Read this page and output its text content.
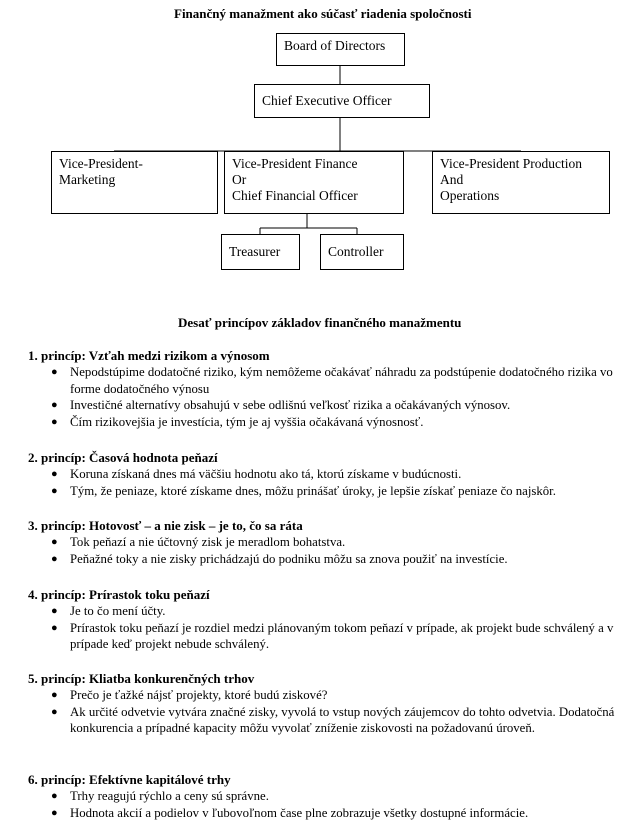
Finančný manažment ako súčasť riadenia spoločnosti
Board of Directors
Chief Executive Officer
Vice-President-
Marketing
Vice-President Finance
Or
Chief Financial Officer
Vice-President Production
And
Operations
Treasurer	Controller
Desať princípov základov finančného manažmentu
1. princíp: Vzťah medzi rizikom a výnosom
● Nepodstúpime dodatočné riziko, kým nemôžeme očakávať náhradu za podstúpenie dodatočného rizika vo forme dodatočného výnosu
● Investičné alternatívy obsahujú v sebe odlišnú veľkosť rizika a očakávaných výnosov.
● Čím rizikovejšia je investícia, tým je aj vyššia očakávaná výnosnosť.
2. princíp: Časová hodnota peňazí
● Koruna získaná dnes má väčšiu hodnotu ako tá, ktorú získame v budúcnosti.
● Tým, že peniaze, ktoré získame dnes, môžu prinášať úroky, je lepšie získať peniaze čo najskôr.
3. princíp: Hotovosť – a nie zisk – je to, čo sa ráta
● Tok peňazí a nie účtovný zisk je meradlom bohatstva.
● Peňažné toky a nie zisky prichádzajú do podniku môžu sa znova použiť na investície.
4. princíp: Prírastok toku peňazí
● Je to čo mení účty.
● Prírastok toku peňazí je rozdiel medzi plánovaným tokom peňazí v prípade, ak projekt bude schválený a v prípade keď projekt nebude schválený.
5. princíp: Kliatba konkurenčných trhov
● Prečo je ťažké nájsť projekty, ktoré budú ziskové?
● Ak určité odvetvie vytvára značné zisky, vyvolá to vstup nových záujemcov do tohto odvetvia. Dodatočná konkurencia a prípadné kapacity môžu vyvolať zníženie ziskovosti na požadovanú úroveň.
6. princíp: Efektívne kapitálové trhy
● Trhy reagujú rýchlo a ceny sú správne.
● Hodnota akcií a podielov v ľubovoľnom čase plne zobrazuje všetky dostupné informácie.
